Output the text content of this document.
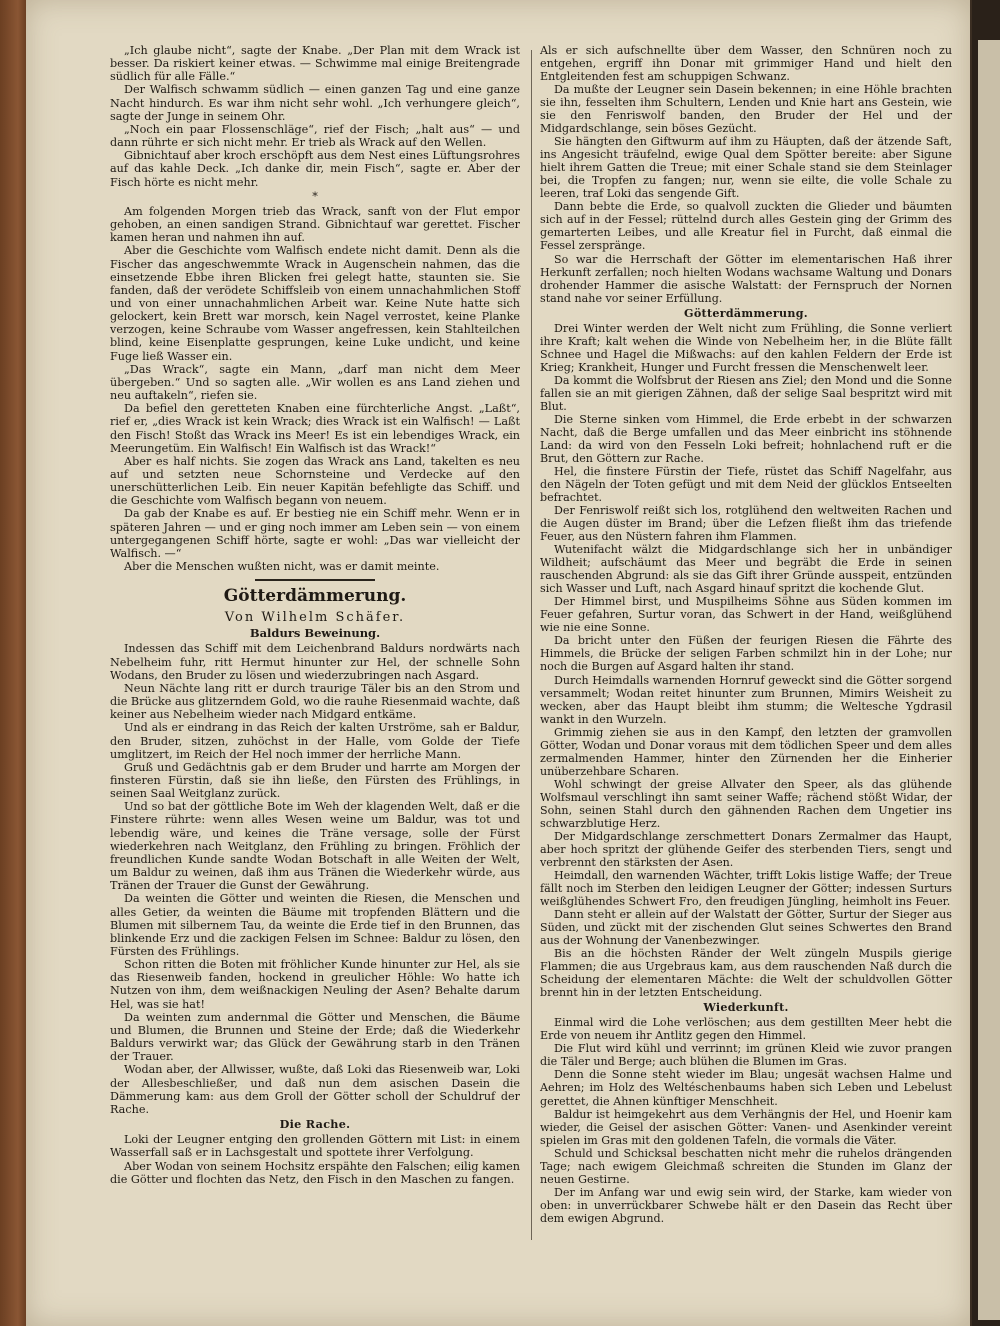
„Ich glaube nicht“, sagte der Knabe. „Der Plan mit dem Wrack ist besser. Da riskiert keiner etwas. — Schwimme mal einige Breitengrade südlich für alle Fälle.“

Der Walfisch schwamm südlich — einen ganzen Tag und eine ganze Nacht hindurch. Es war ihm nicht sehr wohl. „Ich verhungere gleich“, sagte der Junge in seinem Ohr.

„Noch ein paar Flossenschläge“, rief der Fisch; „halt aus“ — und dann rührte er sich nicht mehr. Er trieb als Wrack auf den Wellen.

Gibnichtauf aber kroch erschöpft aus dem Nest eines Lüftungsrohres auf das kahle Deck. „Ich danke dir, mein Fisch“, sagte er. Aber der Fisch hörte es nicht mehr.

*

Am folgenden Morgen trieb das Wrack, sanft von der Flut empor gehoben, an einen sandigen Strand. Gibnichtauf war gerettet. Fischer kamen heran und nahmen ihn auf.

Aber die Geschichte vom Walfisch endete nicht damit. Denn als die Fischer das angeschwemmte Wrack in Augenschein nahmen, das die einsetzende Ebbe ihren Blicken frei gelegt hatte, staunten sie. Sie fanden, daß der verödete Schiffsleib von einem unnachahmlichen Stoff und von einer unnachahmlichen Arbeit war. Keine Nute hatte sich gelockert, kein Brett war morsch, kein Nagel verrostet, keine Planke verzogen, keine Schraube vom Wasser angefressen, kein Stahlteilchen blind, keine Eisenplatte gesprungen, keine Luke undicht, und keine Fuge ließ Wasser ein.

„Das Wrack“, sagte ein Mann, „darf man nicht dem Meer übergeben.“ Und so sagten alle. „Wir wollen es ans Land ziehen und neu auftakeln“, riefen sie.

Da befiel den geretteten Knaben eine fürchterliche Angst. „Laßt“, rief er, „dies Wrack ist kein Wrack; dies Wrack ist ein Walfisch! — Laßt den Fisch! Stoßt das Wrack ins Meer! Es ist ein lebendiges Wrack, ein Meerungetüm. Ein Walfisch! Ein Walfisch ist das Wrack!“

Aber es half nichts. Sie zogen das Wrack ans Land, takelten es neu auf und setzten neue Schornsteine und Verdecke auf den unerschütterlichen Leib. Ein neuer Kapitän befehligte das Schiff. und die Geschichte vom Walfisch begann von neuem.

Da gab der Knabe es auf. Er bestieg nie ein Schiff mehr. Wenn er in späteren Jahren — und er ging noch immer am Leben sein — von einem untergegangenen Schiff hörte, sagte er wohl: „Das war vielleicht der Walfisch. —“

Aber die Menschen wußten nicht, was er damit meinte.

Götterdämmerung.
Von Wilhelm Schäfer.
Baldurs Beweinung.

Indessen das Schiff mit dem Leichenbrand Baldurs nordwärts nach Nebelheim fuhr, ritt Hermut hinunter zur Hel, der schnelle Sohn Wodans, den Bruder zu lösen und wiederzubringen nach Asgard.

Neun Nächte lang ritt er durch traurige Täler bis an den Strom und die Brücke aus glitzerndem Gold, wo die rauhe Riesenmaid wachte, daß keiner aus Nebelheim wieder nach Midgard entkäme.

Und als er eindrang in das Reich der kalten Urströme, sah er Baldur, den Bruder, sitzen, zuhöchst in der Halle, vom Golde der Tiefe umglitzert, im Reich der Hel noch immer der herrliche Mann.

Gruß und Gedächtnis gab er dem Bruder und harrte am Morgen der finsteren Fürstin, daß sie ihn ließe, den Fürsten des Frühlings, in seinen Saal Weitglanz zurück.

Und so bat der göttliche Bote im Weh der klagenden Welt, daß er die Finstere rührte: wenn alles Wesen weine um Baldur, was tot und lebendig wäre, und keines die Träne versage, solle der Fürst wiederkehren nach Weitglanz, den Frühling zu bringen. Fröhlich der freundlichen Kunde sandte Wodan Botschaft in alle Weiten der Welt, um Baldur zu weinen, daß ihm aus Tränen die Wiederkehr würde, aus Tränen der Trauer die Gunst der Gewährung.

Da weinten die Götter und weinten die Riesen, die Menschen und alles Getier, da weinten die Bäume mit tropfenden Blättern und die Blumen mit silbernem Tau, da weinte die Erde tief in den Brunnen, das blinkende Erz und die zackigen Felsen im Schnee: Baldur zu lösen, den Fürsten des Frühlings.

Schon ritten die Boten mit fröhlicher Kunde hinunter zur Hel, als sie das Riesenweib fanden, hockend in greulicher Höhle: Wo hatte ich Nutzen von ihm, dem weißnackigen Neuling der Asen? Behalte darum Hel, was sie hat!

Da weinten zum andernmal die Götter und Menschen, die Bäume und Blumen, die Brunnen und Steine der Erde; daß die Wiederkehr Baldurs verwirkt war; das Glück der Gewährung starb in den Tränen der Trauer.

Wodan aber, der Allwisser, wußte, daß Loki das Riesenweib war, Loki der Allesbeschließer, und daß nun dem asischen Dasein die Dämmerung kam: aus dem Groll der Götter scholl der Schuldruf der Rache.

Die Rache.

Loki der Leugner entging den grollenden Göttern mit List: in einem Wasserfall saß er in Lachsgestalt und spottete ihrer Verfolgung.

Aber Wodan von seinem Hochsitz erspähte den Falschen; eilig kamen die Götter und flochten das Netz, den Fisch in den Maschen zu fangen.

Als er sich aufschnellte über dem Wasser, den Schnüren noch zu entgehen, ergriff ihn Donar mit grimmiger Hand und hielt den Entgleitenden fest am schuppigen Schwanz.

Da mußte der Leugner sein Dasein bekennen; in eine Höhle brachten sie ihn, fesselten ihm Schultern, Lenden und Knie hart ans Gestein, wie sie den Fenriswolf banden, den Bruder der Hel und der Midgardschlange, sein böses Gezücht.

Sie hängten den Giftwurm auf ihm zu Häupten, daß der ätzende Saft, ins Angesicht träufelnd, ewige Qual dem Spötter bereite: aber Sigune hielt ihrem Gatten die Treue; mit einer Schale stand sie dem Steinlager bei, die Tropfen zu fangen; nur, wenn sie eilte, die volle Schale zu leeren, traf Loki das sengende Gift.

Dann bebte die Erde, so qualvoll zuckten die Glieder und bäumten sich auf in der Fessel; rüttelnd durch alles Gestein ging der Grimm des gemarterten Leibes, und alle Kreatur fiel in Furcht, daß einmal die Fessel zerspränge.

So war die Herrschaft der Götter im elementarischen Haß ihrer Herkunft zerfallen; noch hielten Wodans wachsame Waltung und Donars drohender Hammer die asische Walstatt: der Fernspruch der Nornen stand nahe vor seiner Erfüllung.

Götterdämmerung.

Drei Winter werden der Welt nicht zum Frühling, die Sonne verliert ihre Kraft; kalt wehen die Winde von Nebelheim her, in die Blüte fällt Schnee und Hagel die Mißwachs: auf den kahlen Feldern der Erde ist Krieg; Krankheit, Hunger und Furcht fressen die Menschenwelt leer.

Da kommt die Wolfsbrut der Riesen ans Ziel; den Mond und die Sonne fallen sie an mit gierigen Zähnen, daß der selige Saal bespritzt wird mit Blut.

Die Sterne sinken vom Himmel, die Erde erbebt in der schwarzen Nacht, daß die Berge umfallen und das Meer einbricht ins stöhnende Land: da wird von den Fesseln Loki befreit; hohnlachend ruft er die Brut, den Göttern zur Rache.

Hel, die finstere Fürstin der Tiefe, rüstet das Schiff Nagelfahr, aus den Nägeln der Toten gefügt und mit dem Neid der glücklos Entseelten befrachtet.

Der Fenriswolf reißt sich los, rotglühend den weltweiten Rachen und die Augen düster im Brand; über die Lefzen fließt ihm das triefende Feuer, aus den Nüstern fahren ihm Flammen.

Wutenifacht wälzt die Midgardschlange sich her in unbändiger Wildheit; aufschäumt das Meer und begräbt die Erde in seinen rauschenden Abgrund: als sie das Gift ihrer Gründe ausspeit, entzünden sich Wasser und Luft, nach Asgard hinauf spritzt die kochende Glut.

Der Himmel birst, und Muspilheims Söhne aus Süden kommen im Feuer gefahren, Surtur voran, das Schwert in der Hand, weißglühend wie nie eine Sonne.

Da bricht unter den Füßen der feurigen Riesen die Fährte des Himmels, die Brücke der seligen Farben schmilzt hin in der Lohe; nur noch die Burgen auf Asgard halten ihr stand.

Durch Heimdalls warnenden Hornruf geweckt sind die Götter sorgend versammelt; Wodan reitet hinunter zum Brunnen, Mimirs Weisheit zu wecken, aber das Haupt bleibt ihm stumm; die Weltesche Ygdrasil wankt in den Wurzeln.

Grimmig ziehen sie aus in den Kampf, den letzten der gramvollen Götter, Wodan und Donar voraus mit dem tödlichen Speer und dem alles zermalmenden Hammer, hinter den Zürnenden her die Einherier unüberzehbare Scharen.

Wohl schwingt der greise Allvater den Speer, als das glühende Wolfsmaul verschlingt ihn samt seiner Waffe; rächend stößt Widar, der Sohn, seinen Stahl durch den gähnenden Rachen dem Ungetier ins schwarzblutige Herz.

Der Midgardschlange zerschmettert Donars Zermalmer das Haupt, aber hoch spritzt der glühende Geifer des sterbenden Tiers, sengt und verbrennt den stärksten der Asen.

Heimdall, den warnenden Wächter, trifft Lokis listige Waffe; der Treue fällt noch im Sterben den leidigen Leugner der Götter; indessen Surturs weißglühendes Schwert Fro, den freudigen Jüngling, heimholt ins Feuer.

Dann steht er allein auf der Walstatt der Götter, Surtur der Sieger aus Süden, und zückt mit der zischenden Glut seines Schwertes den Brand aus der Wohnung der Vanenbezwinger.

Bis an die höchsten Ränder der Welt züngeln Muspils gierige Flammen; die aus Urgebraus kam, aus dem rauschenden Naß durch die Scheidung der elementaren Mächte: die Welt der schuldvollen Götter brennt hin in der letzten Entscheidung.

Wiederkunft.

Einmal wird die Lohe verlöschen; aus dem gestillten Meer hebt die Erde von neuem ihr Antlitz gegen den Himmel.

Die Flut wird kühl und verrinnt; im grünen Kleid wie zuvor prangen die Täler und Berge; auch blühen die Blumen im Gras.

Denn die Sonne steht wieder im Blau; ungesät wachsen Halme und Aehren; im Holz des Weltéschenbaums haben sich Leben und Lebelust gerettet, die Ahnen künftiger Menschheit.

Baldur ist heimgekehrt aus dem Verhängnis der Hel, und Hoenir kam wieder, die Geisel der asischen Götter: Vanen- und Asenkinder vereint spielen im Gras mit den goldenen Tafeln, die vormals die Väter.

Schuld und Schicksal beschatten nicht mehr die ruhelos drängenden Tage; nach ewigem Gleichmaß schreiten die Stunden im Glanz der neuen Gestirne.

Der im Anfang war und ewig sein wird, der Starke, kam wieder von oben: in unverrückbarer Schwebe hält er den Dasein das Recht über dem ewigen Abgrund.
